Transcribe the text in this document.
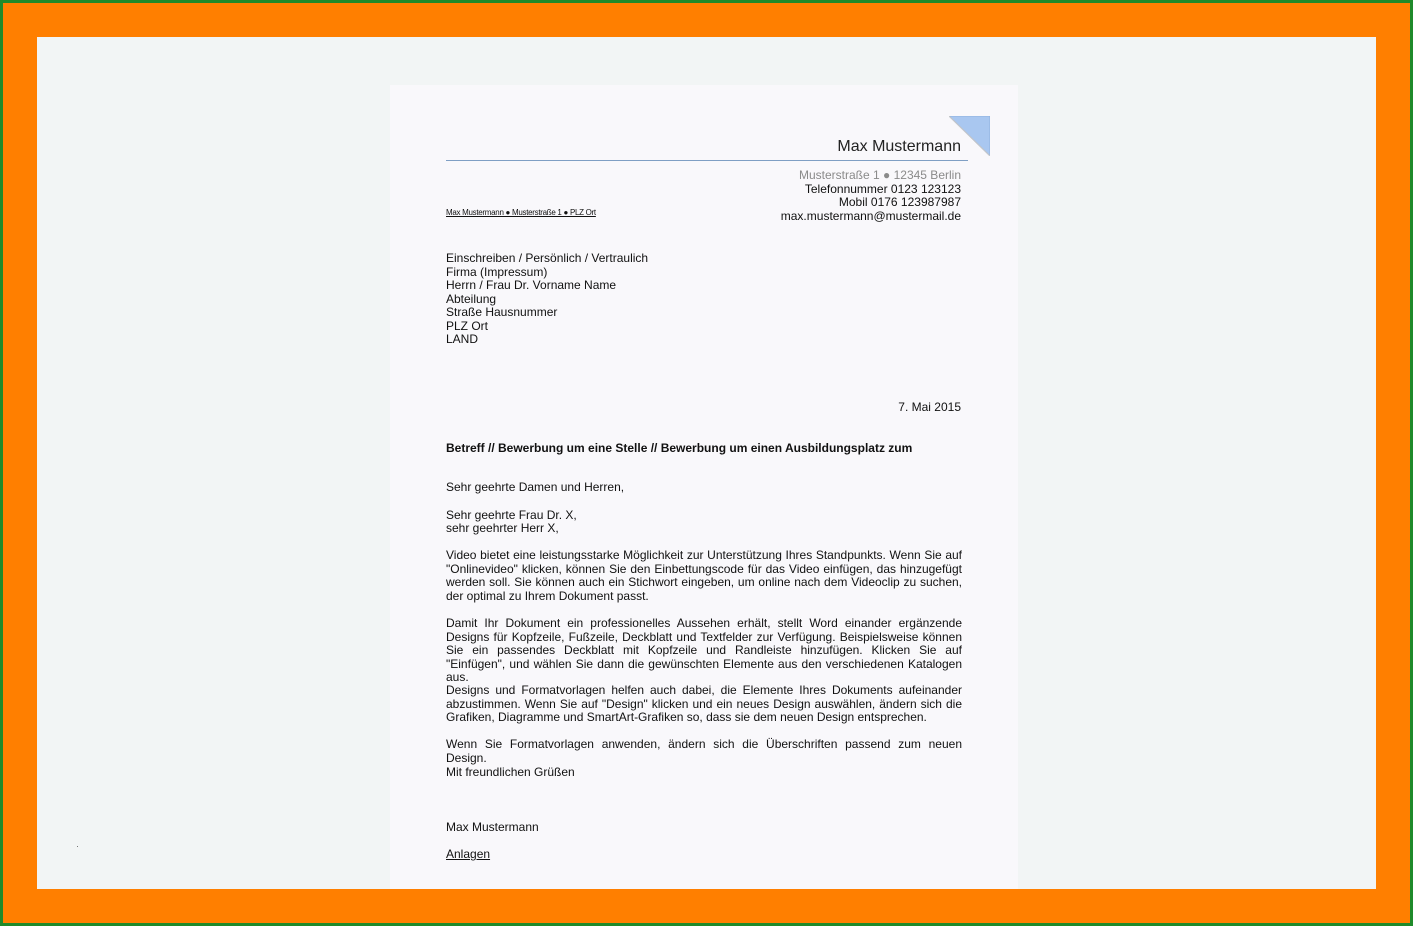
Max Mustermann
Musterstraße 1 ● 12345 Berlin
Telefonnummer 0123 123123
Mobil 0176 123987987
max.mustermann@mustermail.de
Max Mustermann ● Musterstraße 1 ● PLZ Ort
Einschreiben / Persönlich / Vertraulich
Firma (Impressum)
Herrn / Frau Dr. Vorname Name
Abteilung
Straße Hausnummer
PLZ Ort
LAND
7. Mai 2015
Betreff // Bewerbung um eine Stelle // Bewerbung um einen Ausbildungsplatz zum
Sehr geehrte Damen und Herren,
Sehr geehrte Frau Dr. X,
sehr geehrter Herr X,
Video bietet eine leistungsstarke Möglichkeit zur Unterstützung Ihres Standpunkts. Wenn Sie auf "Onlinevideo" klicken, können Sie den Einbettungscode für das Video einfügen, das hinzugefügt werden soll. Sie können auch ein Stichwort eingeben, um online nach dem Videoclip zu suchen, der optimal zu Ihrem Dokument passt.
Damit Ihr Dokument ein professionelles Aussehen erhält, stellt Word einander ergänzende Designs für Kopfzeile, Fußzeile, Deckblatt und Textfelder zur Verfügung. Beispielsweise können Sie ein passendes Deckblatt mit Kopfzeile und Randleiste hinzufügen. Klicken Sie auf "Einfügen", und wählen Sie dann die gewünschten Elemente aus den verschiedenen Katalogen aus.
Designs und Formatvorlagen helfen auch dabei, die Elemente Ihres Dokuments aufeinander abzustimmen. Wenn Sie auf "Design" klicken und ein neues Design auswählen, ändern sich die Grafiken, Diagramme und SmartArt-Grafiken so, dass sie dem neuen Design entsprechen.
Wenn Sie Formatvorlagen anwenden, ändern sich die Überschriften passend zum neuen Design.
Mit freundlichen Grüßen
Max Mustermann
Anlagen
